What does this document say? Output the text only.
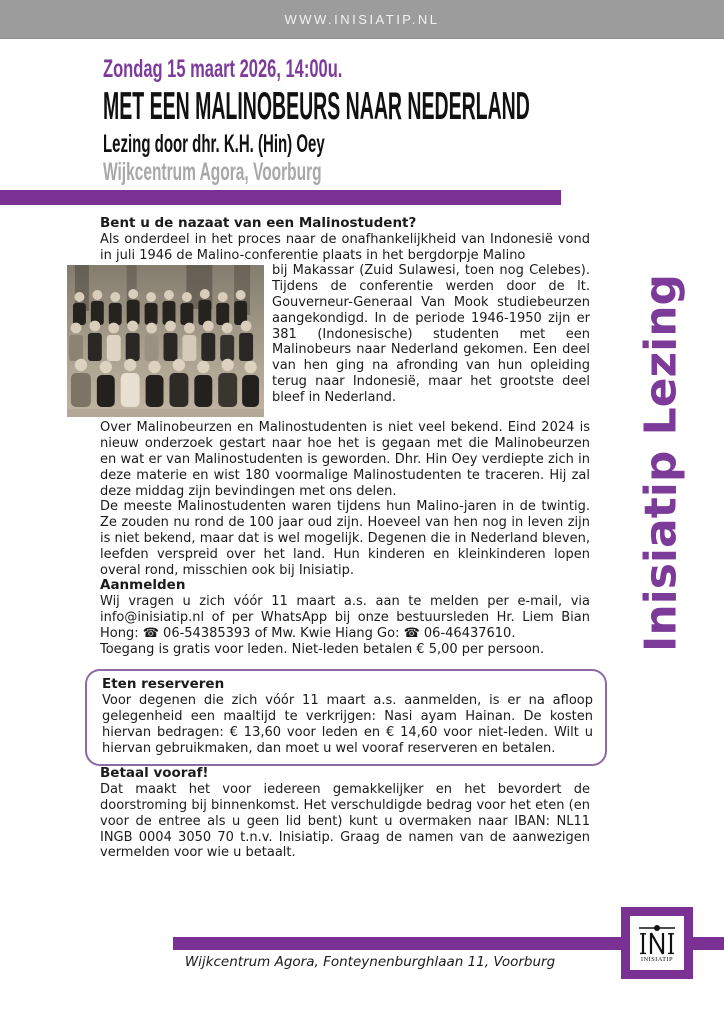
WWW.INISIATIP.NL
Zondag 15 maart 2026, 14:00u.
MET EEN MALINOBEURS NAAR NEDERLAND
Lezing door dhr. K.H. (Hin) Oey
Wijkcentrum Agora, Voorburg
Inisiatip Lezing

Bent u de nazaat van een Malinostudent?

Als onderdeel in het proces naar de onafhankelijkheid van Indonesië vond in juli 1946 de Malino-conferentie plaats in het bergdorpje Malino

bij Makassar (Zuid Sulawesi, toen nog Celebes). Tijdens de conferentie werden door de lt. Gouverneur-Generaal Van Mook studiebeurzen aangekondigd. In de periode 1946-1950 zijn er 381 (Indonesische) studenten met een Malinobeurs naar Nederland gekomen. Een deel van hen ging na afronding van hun opleiding terug naar Indonesië, maar het grootste deel bleef in Nederland.

Over Malinobeurzen en Malinostudenten is niet veel bekend. Eind 2024 is nieuw onderzoek gestart naar hoe het is gegaan met die Malinobeurzen en wat er van Malinostudenten is geworden. Dhr. Hin Oey verdiepte zich in deze materie en wist 180 voormalige Malinostudenten te traceren. Hij zal deze middag zijn bevindingen met ons delen.

De meeste Malinostudenten waren tijdens hun Malino-jaren in de twintig. Ze zouden nu rond de 100 jaar oud zijn. Hoeveel van hen nog in leven zijn is niet bekend, maar dat is wel mogelijk. Degenen die in Nederland bleven, leefden verspreid over het land. Hun kinderen en kleinkinderen lopen overal rond, misschien ook bij Inisiatip.

Aanmelden

Wij vragen u zich vóór 11 maart a.s. aan te melden per e-mail, via info@inisiatip.nl of per WhatsApp bij onze bestuursleden Hr. Liem Bian Hong: ☎ 06-54385393 of Mw. Kwie Hiang Go: ☎ 06-46437610.

Toegang is gratis voor leden. Niet-leden betalen € 5,00 per persoon.

Eten reserveren

Voor degenen die zich vóór 11 maart a.s. aanmelden, is er na afloop gelegenheid een maaltijd te verkrijgen: Nasi ayam Hainan. De kosten hiervan bedragen: € 13,60 voor leden en € 14,60 voor niet-leden. Wilt u hiervan gebruikmaken, dan moet u wel vooraf reserveren en betalen.

Betaal vooraf!

Dat maakt het voor iedereen gemakkelijker en het bevordert de doorstroming bij binnenkomst. Het verschuldigde bedrag voor het eten (en voor de entree als u geen lid bent) kunt u overmaken naar IBAN: NL11 INGB 0004 3050 70 t.n.v. Inisiatip. Graag de namen van de aanwezigen vermelden voor wie u betaalt.

INISIATIP
Wijkcentrum Agora, Fonteynenburghlaan 11, Voorburg
